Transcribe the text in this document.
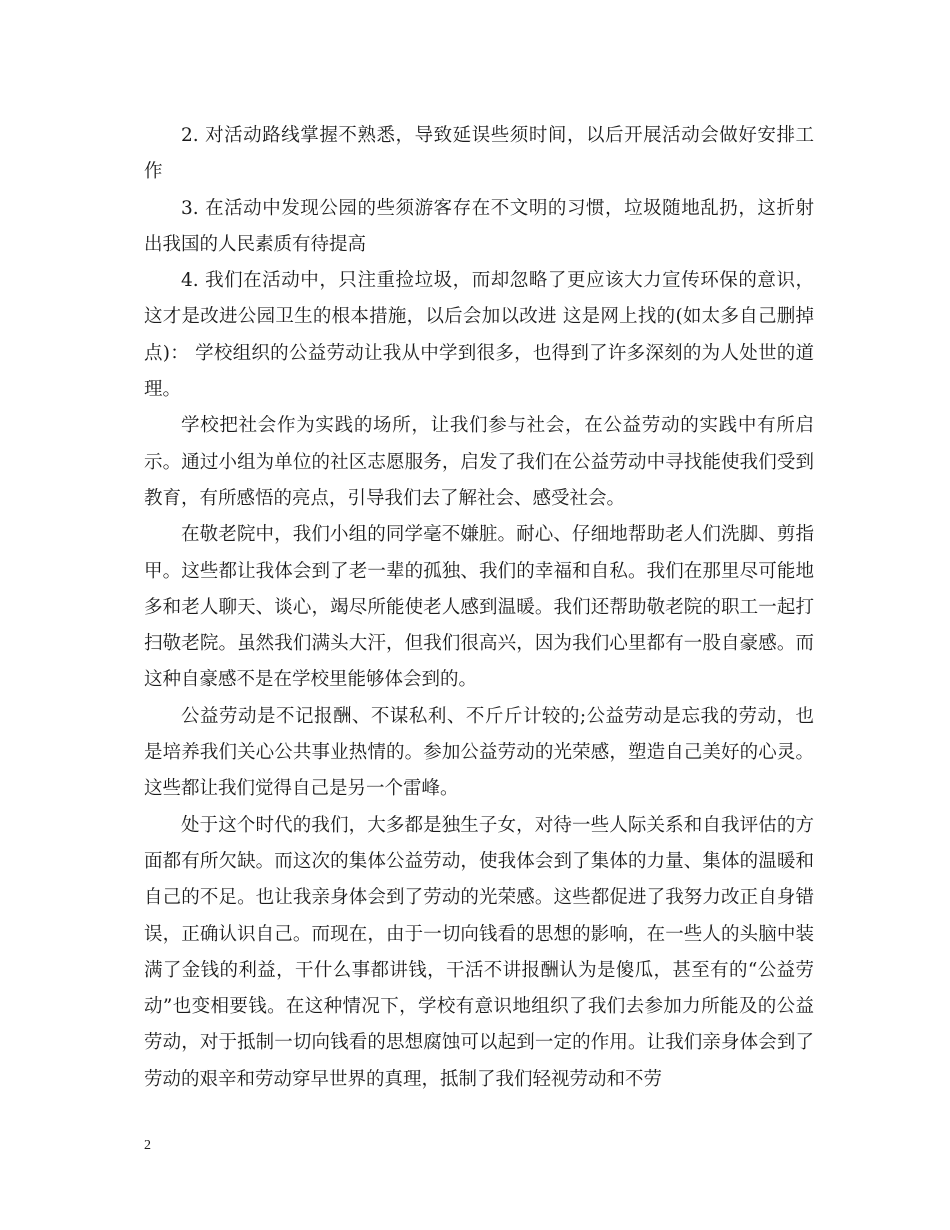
2. 对活动路线掌握不熟悉，导致延误些须时间，以后开展活动会做好安排工作

3. 在活动中发现公园的些须游客存在不文明的习惯，垃圾随地乱扔，这折射出我国的人民素质有待提高

4. 我们在活动中，只注重捡垃圾，而却忽略了更应该大力宣传环保的意识，这才是改进公园卫生的根本措施，以后会加以改进 这是网上找的(如太多自己删掉点)： 学校组织的公益劳动让我从中学到很多，也得到了许多深刻的为人处世的道理。

学校把社会作为实践的场所，让我们参与社会，在公益劳动的实践中有所启示。通过小组为单位的社区志愿服务，启发了我们在公益劳动中寻找能使我们受到教育，有所感悟的亮点，引导我们去了解社会、感受社会。

在敬老院中，我们小组的同学毫不嫌脏。耐心、仔细地帮助老人们洗脚、剪指甲。这些都让我体会到了老一辈的孤独、我们的幸福和自私。我们在那里尽可能地多和老人聊天、谈心，竭尽所能使老人感到温暖。我们还帮助敬老院的职工一起打扫敬老院。虽然我们满头大汗，但我们很高兴，因为我们心里都有一股自豪感。而这种自豪感不是在学校里能够体会到的。

公益劳动是不记报酬、不谋私利、不斤斤计较的;公益劳动是忘我的劳动，也是培养我们关心公共事业热情的。参加公益劳动的光荣感，塑造自己美好的心灵。这些都让我们觉得自己是另一个雷峰。

处于这个时代的我们，大多都是独生子女，对待一些人际关系和自我评估的方面都有所欠缺。而这次的集体公益劳动，使我体会到了集体的力量、集体的温暖和自己的不足。也让我亲身体会到了劳动的光荣感。这些都促进了我努力改正自身错误，正确认识自己。而现在，由于一切向钱看的思想的影响，在一些人的头脑中装满了金钱的利益，干什么事都讲钱，干活不讲报酬认为是傻瓜，甚至有的“公益劳动”也变相要钱。在这种情况下，学校有意识地组织了我们去参加力所能及的公益劳动，对于抵制一切向钱看的思想腐蚀可以起到一定的作用。让我们亲身体会到了劳动的艰辛和劳动穿早世界的真理，抵制了我们轻视劳动和不劳

2
